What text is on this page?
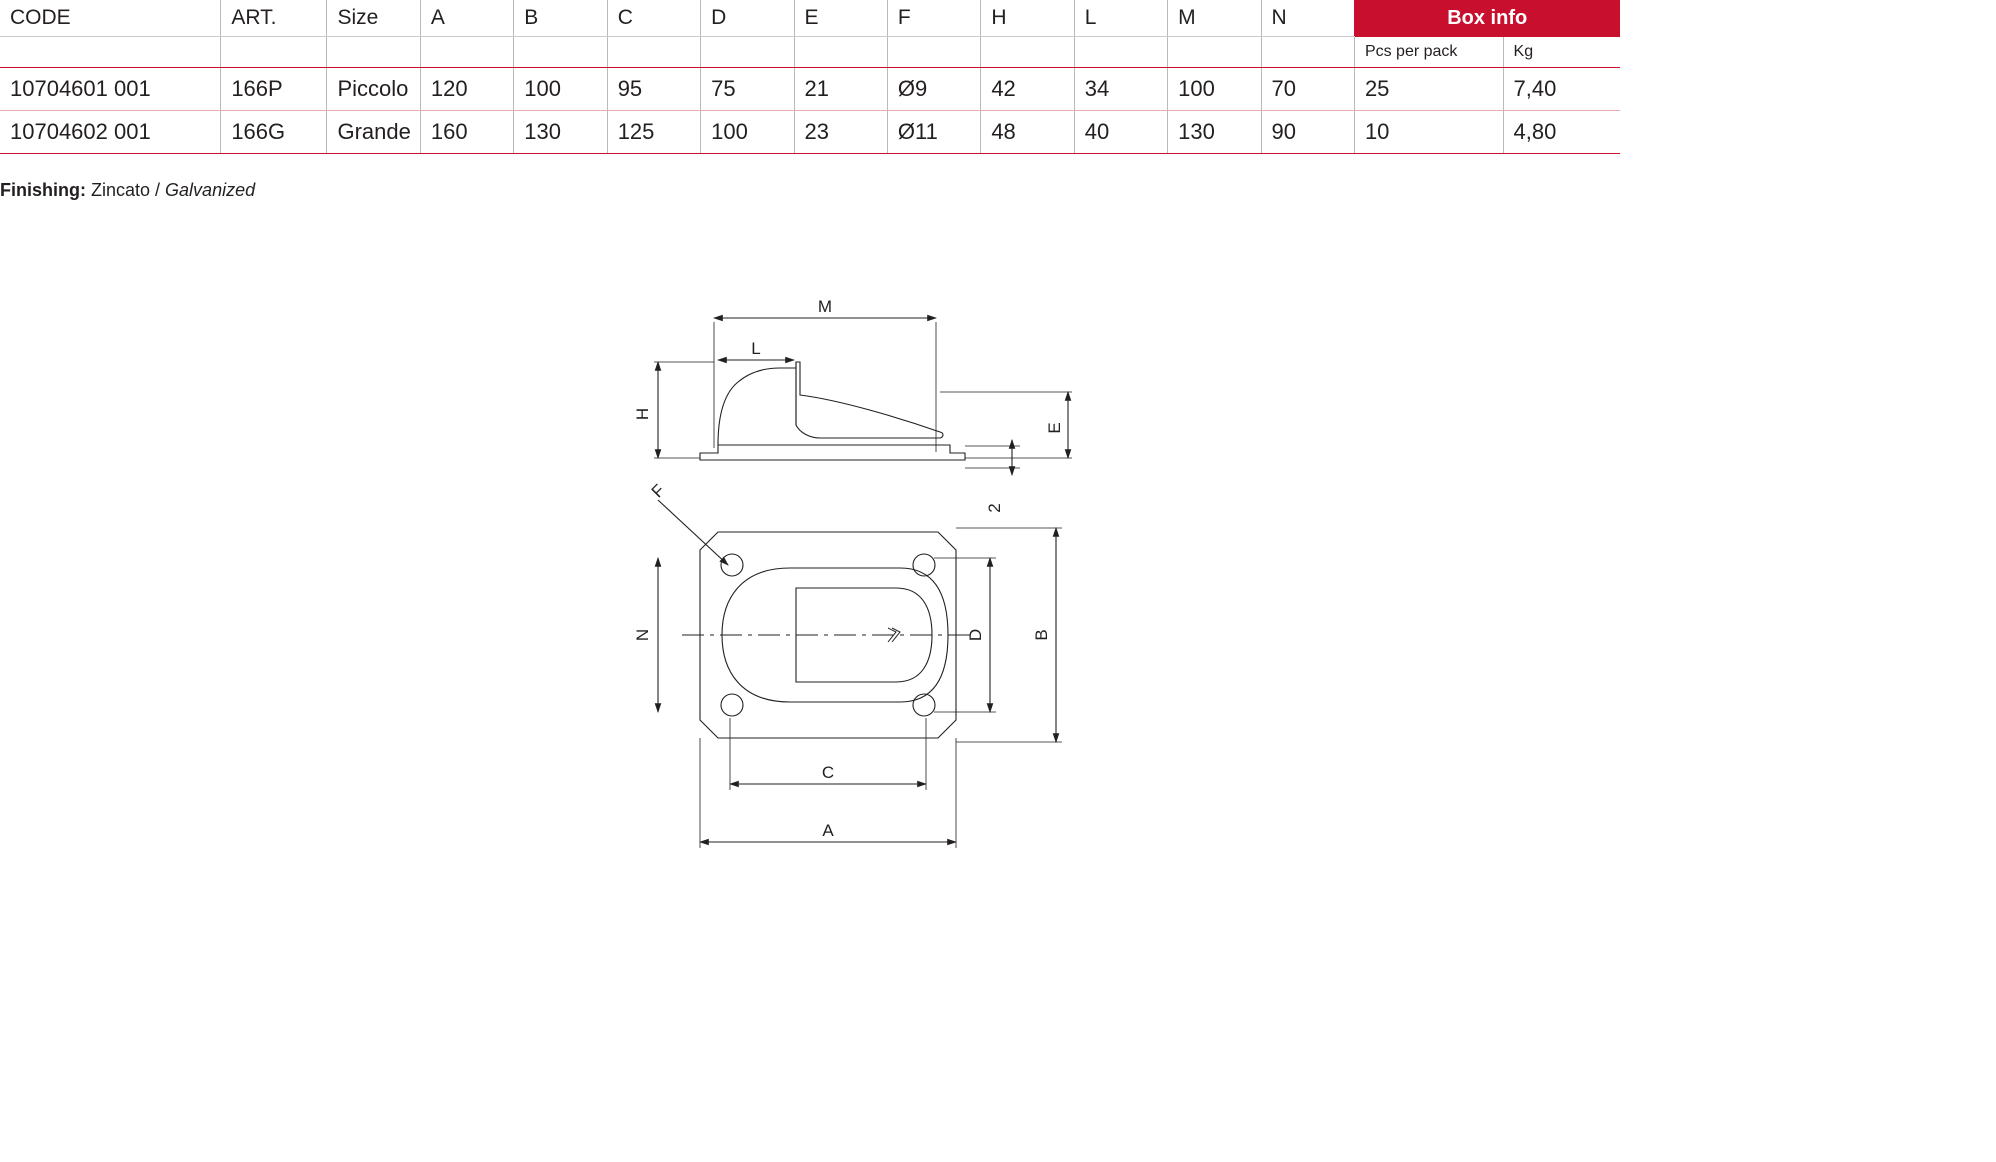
CODE	ART.	Size	A	B	C	D	E	F	H	L	M	N	Box info	
													Pcs per pack	Kg
10704601 001	166P	Piccolo	120	100	95	75	21	Ø9	42	34	100	70	25	7,40
10704602 001	166G	Grande	160	130	125	100	23	Ø11	48	40	130	90	10	4,80
Finishing: Zincato / Galvanized
M
L
H
E
2
F
N	D	B
C
A
